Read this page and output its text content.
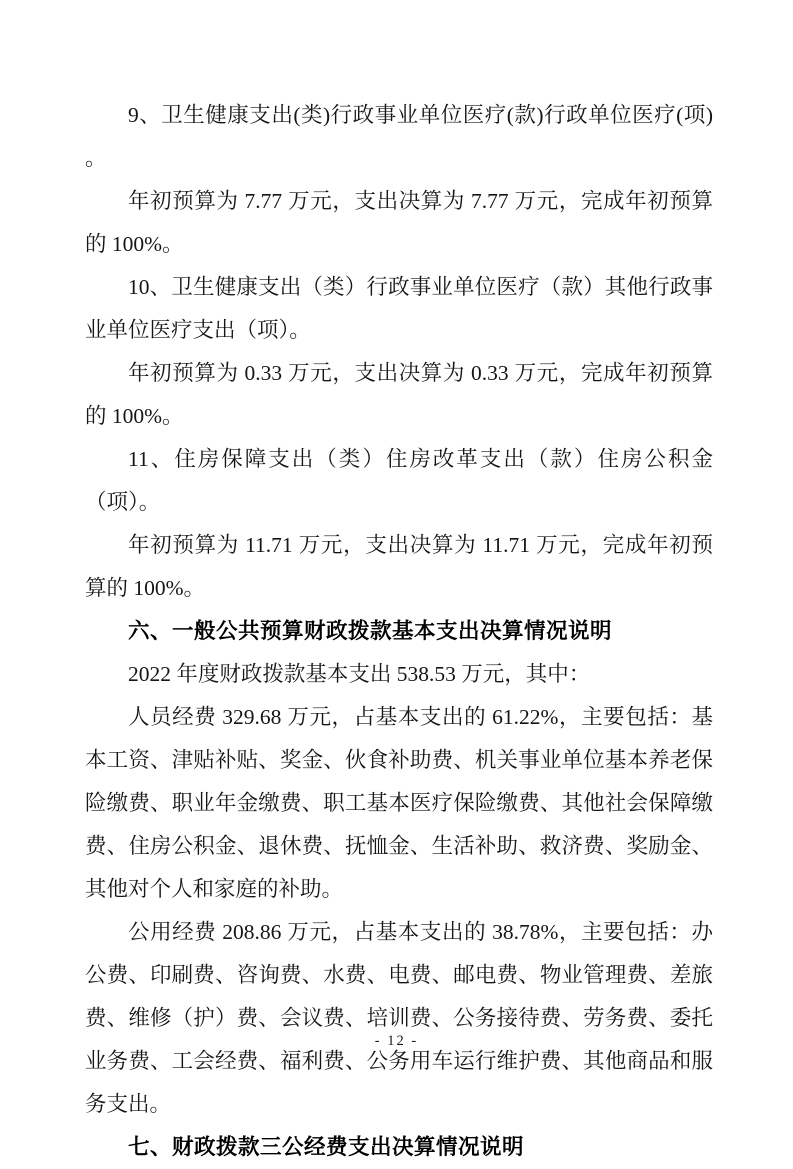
9、卫生健康支出(类)行政事业单位医疗(款)行政单位医疗(项) 。

年初预算为 7.77 万元，支出决算为 7.77 万元，完成年初预算的 100%。

10、卫生健康支出（类）行政事业单位医疗（款）其他行政事业单位医疗支出（项）。

年初预算为 0.33 万元，支出决算为 0.33 万元，完成年初预算的 100%。

11、住房保障支出（类）住房改革支出（款）住房公积金（项）。

年初预算为 11.71 万元，支出决算为 11.71 万元，完成年初预算的 100%。

六、一般公共预算财政拨款基本支出决算情况说明

2022 年度财政拨款基本支出 538.53 万元，其中：

人员经费 329.68 万元，占基本支出的 61.22%，主要包括：基本工资、津贴补贴、奖金、伙食补助费、机关事业单位基本养老保险缴费、职业年金缴费、职工基本医疗保险缴费、其他社会保障缴费、住房公积金、退休费、抚恤金、生活补助、救济费、奖励金、其他对个人和家庭的补助。

公用经费 208.86 万元，占基本支出的 38.78%，主要包括：办公费、印刷费、咨询费、水费、电费、邮电费、物业管理费、差旅费、维修（护）费、会议费、培训费、公务接待费、劳务费、委托业务费、工会经费、福利费、公务用车运行维护费、其他商品和服务支出。

七、财政拨款三公经费支出决算情况说明

- 12 -
